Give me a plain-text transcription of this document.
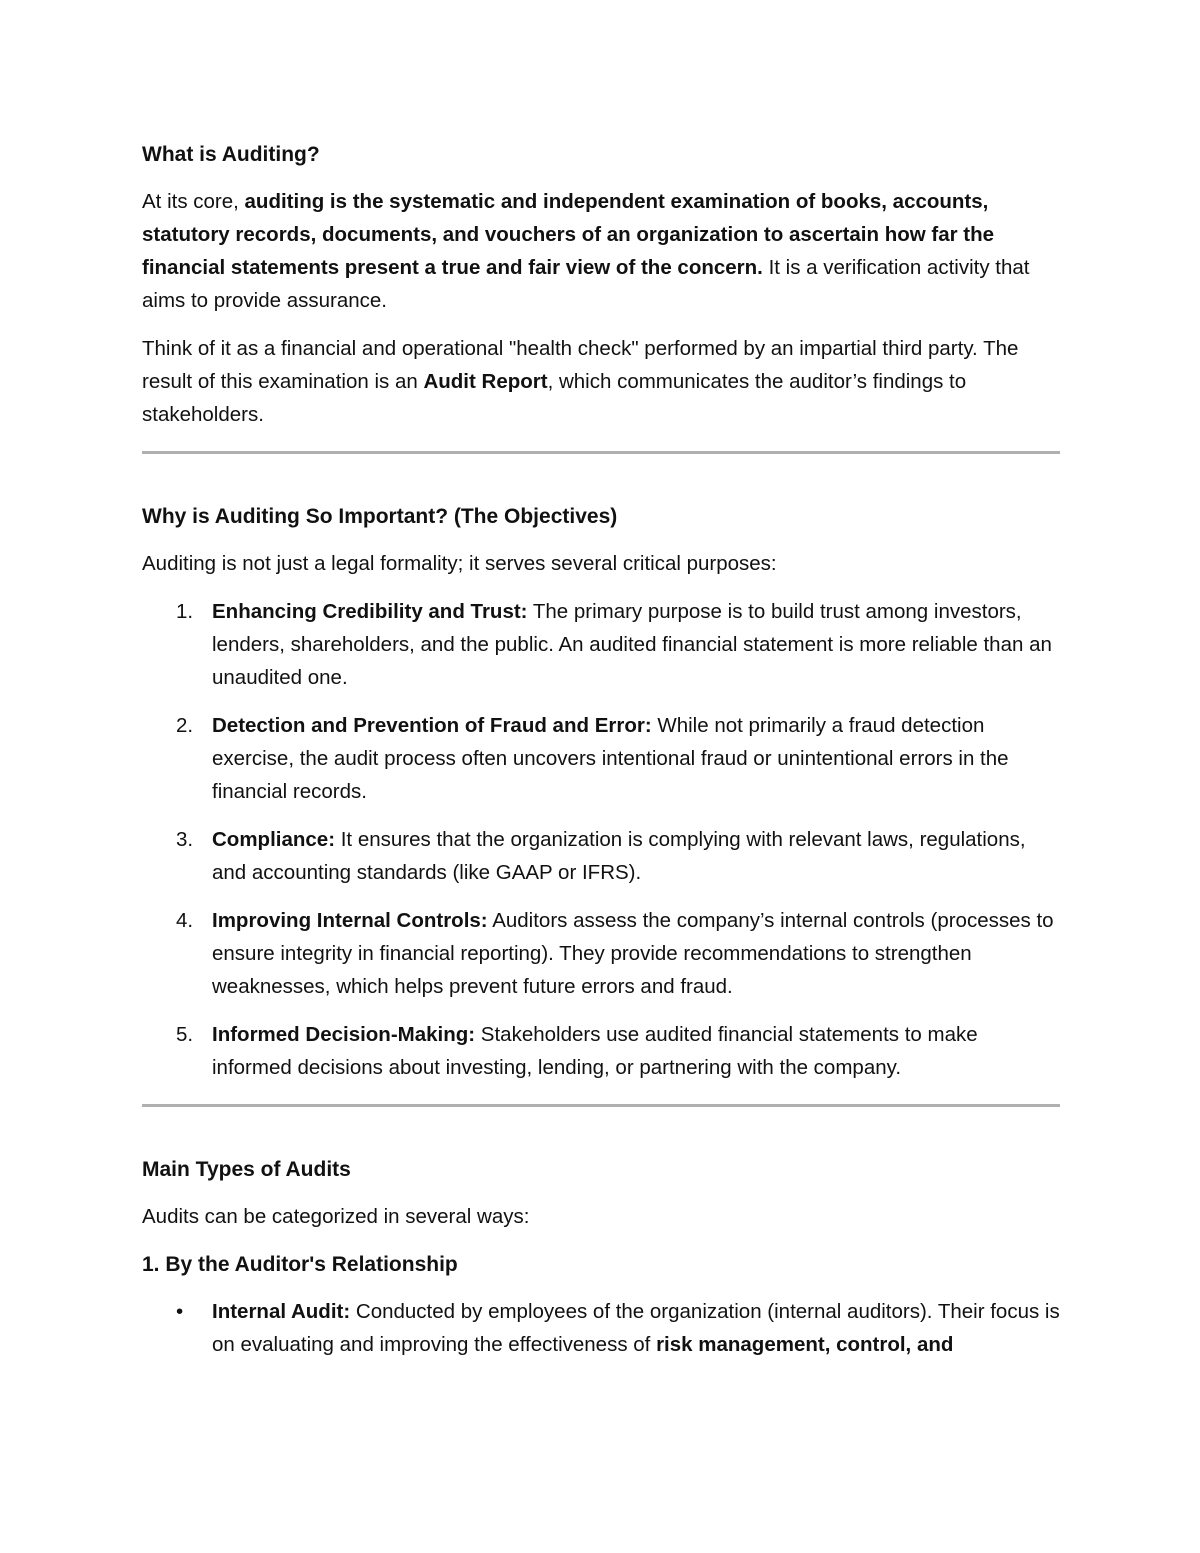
What is Auditing?

At its core, auditing is the systematic and independent examination of books, accounts, statutory records, documents, and vouchers of an organization to ascertain how far the financial statements present a true and fair view of the concern. It is a verification activity that aims to provide assurance.

Think of it as a financial and operational "health check" performed by an impartial third party. The result of this examination is an Audit Report, which communicates the auditor’s findings to stakeholders.

Why is Auditing So Important? (The Objectives)

Auditing is not just a legal formality; it serves several critical purposes:

1. Enhancing Credibility and Trust: The primary purpose is to build trust among investors, lenders, shareholders, and the public. An audited financial statement is more reliable than an unaudited one.
2. Detection and Prevention of Fraud and Error: While not primarily a fraud detection exercise, the audit process often uncovers intentional fraud or unintentional errors in the financial records.
3. Compliance: It ensures that the organization is complying with relevant laws, regulations, and accounting standards (like GAAP or IFRS).
4. Improving Internal Controls: Auditors assess the company’s internal controls (processes to ensure integrity in financial reporting). They provide recommendations to strengthen weaknesses, which helps prevent future errors and fraud.
5. Informed Decision-Making: Stakeholders use audited financial statements to make informed decisions about investing, lending, or partnering with the company.
Main Types of Audits

Audits can be categorized in several ways:

1. By the Auditor's Relationship
• Internal Audit: Conducted by employees of the organization (internal auditors). Their focus is on evaluating and improving the effectiveness of risk management, control, and
